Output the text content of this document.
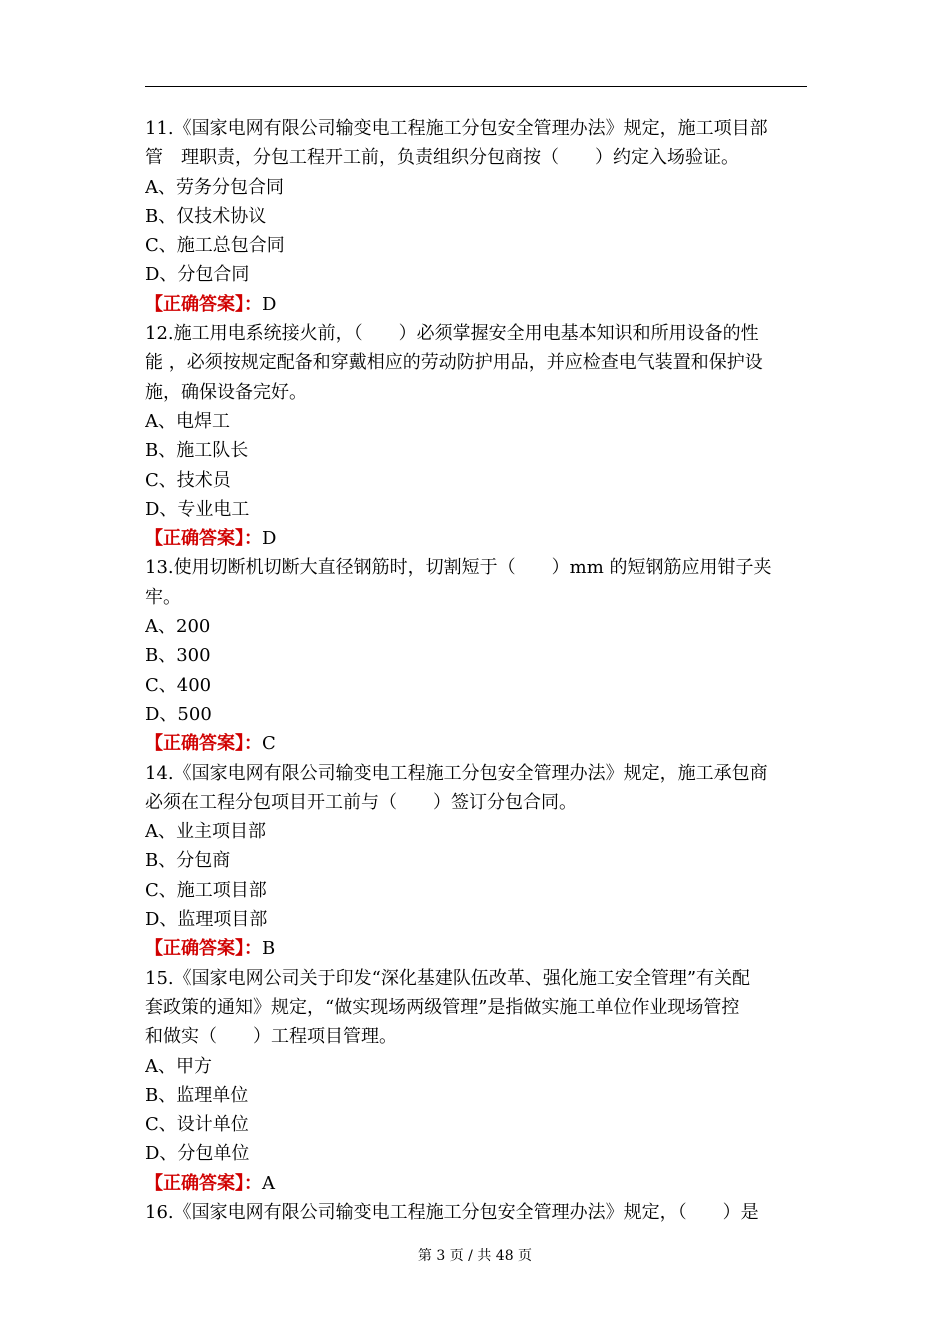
11.《国家电网有限公司输变电工程施工分包安全管理办法》规定，施工项目部
管　理职责，分包工程开工前，负责组织分包商按（　　）约定入场验证。
A、劳务分包合同
B、仅技术协议
C、施工总包合同
D、分包合同
【正确答案】：D
12.施工用电系统接火前，（　　）必须掌握安全用电基本知识和所用设备的性
能 ，必须按规定配备和穿戴相应的劳动防护用品，并应检查电气装置和保护设
施，确保设备完好。
A、电焊工
B、施工队长
C、技术员
D、专业电工
【正确答案】：D
13.使用切断机切断大直径钢筋时，切割短于（　　）mm 的短钢筋应用钳子夹
牢。
A、200
B、300
C、400
D、500
【正确答案】：C
14.《国家电网有限公司输变电工程施工分包安全管理办法》规定，施工承包商
必须在工程分包项目开工前与（　　）签订分包合同。
A、业主项目部
B、分包商
C、施工项目部
D、监理项目部
【正确答案】：B
15.《国家电网公司关于印发“深化基建队伍改革、强化施工安全管理”有关配
套政策的通知》规定，“做实现场两级管理”是指做实施工单位作业现场管控
和做实（　　）工程项目管理。
A、甲方
B、监理单位
C、设计单位
D、分包单位
【正确答案】：A
16.《国家电网有限公司输变电工程施工分包安全管理办法》规定，（　　）是
第 3 页 / 共 48 页
